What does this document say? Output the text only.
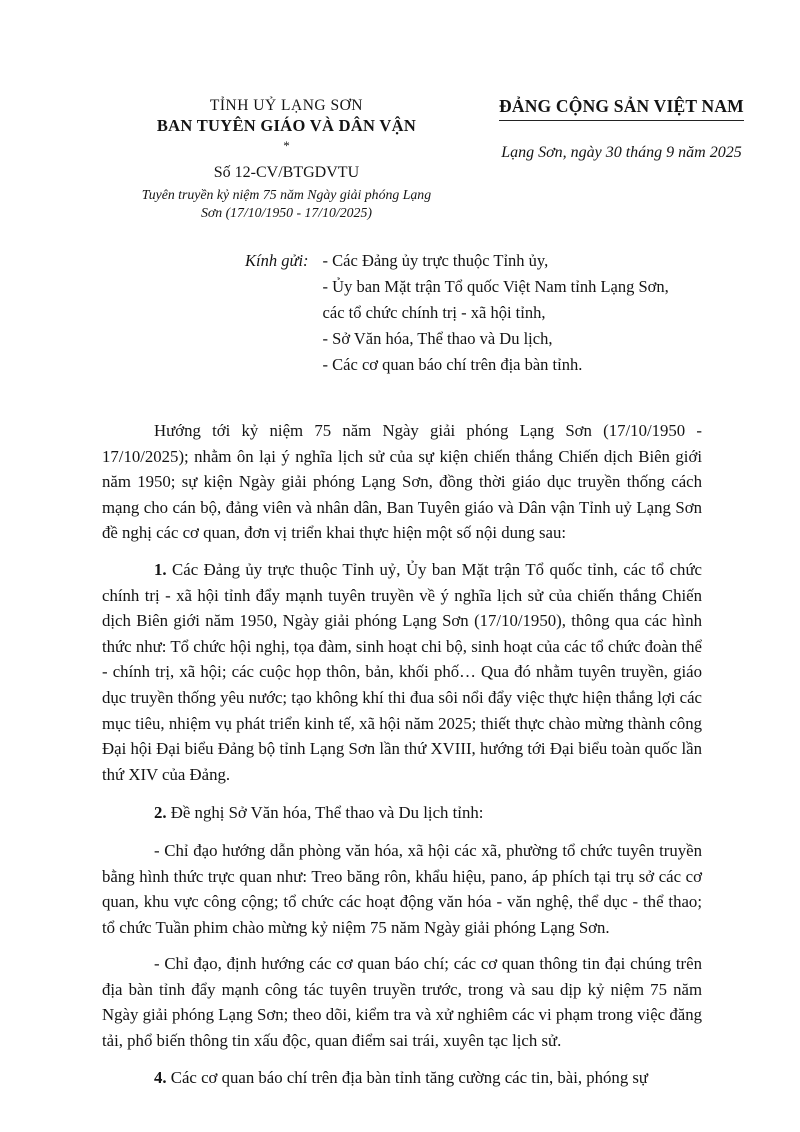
TỈNH UỶ LẠNG SƠN
BAN TUYÊN GIÁO VÀ DÂN VẬN
*
Số 12-CV/BTGDVTU
Tuyên truyền kỷ niệm 75 năm Ngày giải phóng Lạng Sơn (17/10/1950 - 17/10/2025)
ĐẢNG CỘNG SẢN VIỆT NAM
Lạng Sơn, ngày 30 tháng 9 năm 2025
Kính gửi: - Các Đảng ủy trực thuộc Tỉnh ủy,
- Ủy ban Mặt trận Tổ quốc Việt Nam tỉnh Lạng Sơn,
các tổ chức chính trị - xã hội tỉnh,
- Sở Văn hóa, Thể thao và Du lịch,
- Các cơ quan báo chí trên địa bàn tỉnh.

Hướng tới kỷ niệm 75 năm Ngày giải phóng Lạng Sơn (17/10/1950 - 17/10/2025); nhằm ôn lại ý nghĩa lịch sử của sự kiện chiến thắng Chiến dịch Biên giới năm 1950; sự kiện Ngày giải phóng Lạng Sơn, đồng thời giáo dục truyền thống cách mạng cho cán bộ, đảng viên và nhân dân, Ban Tuyên giáo và Dân vận Tỉnh uỷ Lạng Sơn đề nghị các cơ quan, đơn vị triển khai thực hiện một số nội dung sau:

1. Các Đảng ủy trực thuộc Tỉnh uỷ, Ủy ban Mặt trận Tổ quốc tỉnh, các tổ chức chính trị - xã hội tỉnh đẩy mạnh tuyên truyền về ý nghĩa lịch sử của chiến thắng Chiến dịch Biên giới năm 1950, Ngày giải phóng Lạng Sơn (17/10/1950), thông qua các hình thức như: Tổ chức hội nghị, tọa đàm, sinh hoạt chi bộ, sinh hoạt của các tổ chức đoàn thể - chính trị, xã hội; các cuộc họp thôn, bản, khối phố… Qua đó nhằm tuyên truyền, giáo dục truyền thống yêu nước; tạo không khí thi đua sôi nổi đẩy việc thực hiện thắng lợi các mục tiêu, nhiệm vụ phát triển kinh tế, xã hội năm 2025; thiết thực chào mừng thành công Đại hội Đại biểu Đảng bộ tỉnh Lạng Sơn lần thứ XVIII, hướng tới Đại biểu toàn quốc lần thứ XIV của Đảng.

2. Đề nghị Sở Văn hóa, Thể thao và Du lịch tỉnh:

- Chỉ đạo hướng dẫn phòng văn hóa, xã hội các xã, phường tổ chức tuyên truyền bằng hình thức trực quan như: Treo băng rôn, khẩu hiệu, pano, áp phích tại trụ sở các cơ quan, khu vực công cộng; tổ chức các hoạt động văn hóa - văn nghệ, thể dục - thể thao; tổ chức Tuần phim chào mừng kỷ niệm 75 năm Ngày giải phóng Lạng Sơn.

- Chỉ đạo, định hướng các cơ quan báo chí; các cơ quan thông tin đại chúng trên địa bàn tỉnh đẩy mạnh công tác tuyên truyền trước, trong và sau dịp kỷ niệm 75 năm Ngày giải phóng Lạng Sơn; theo dõi, kiểm tra và xử nghiêm các vi phạm trong việc đăng tải, phổ biến thông tin xấu độc, quan điểm sai trái, xuyên tạc lịch sử.

4. Các cơ quan báo chí trên địa bàn tỉnh tăng cường các tin, bài, phóng sự
